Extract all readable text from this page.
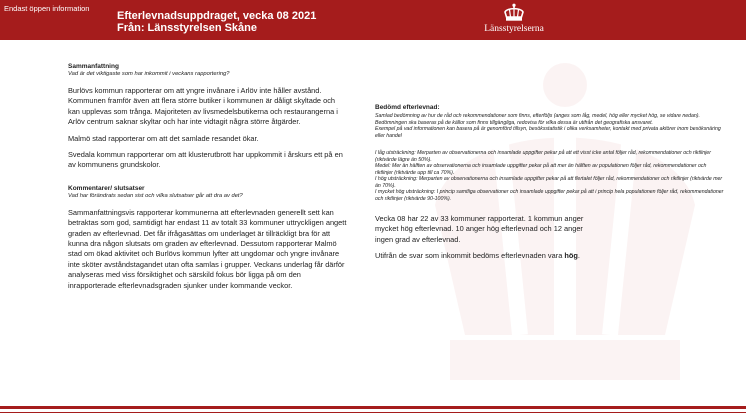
Endast öppen information
Efterlevnadsuppdraget, vecka 08 2021
Från: Länsstyrelsen Skåne	Länsstyrelserna
Sammanfattning
Vad är det viktigaste som har inkommit i veckans rapportering?
Burlövs kommun rapporterar om att yngre invånare i Arlöv inte håller avstånd. Kommunen framför även att flera större butiker i kommunen är dåligt skyltade och kan upplevas som trånga. Majoriteten av livsmedelsbutikerna och restaurangerna i Arlöv centrum saknar skyltar och har inte vidtagit några större åtgärder.
Malmö stad rapporterar om att det samlade resandet ökar.
Svedala kommun rapporterar om att klusterutbrott har uppkommit i årskurs ett på en av kommunens grundskolor.
Kommentarer/ slutsatser
Vad har förändrats sedan sist och vilka slutsatser går att dra av det?
Sammanfattningsvis rapporterar kommunerna att efterlevnaden generellt sett kan betraktas som god, samtidigt har endast 11 av totalt 33 kommuner uttryckligen angett graden av efterlevnad. Det får ifrågasättas om underlaget är tillräckligt bra för att kunna dra någon slutsats om graden av efterlevnad. Dessutom rapporterar Malmö stad om ökad aktivitet och Burlövs kommun lyfter att ungdomar och yngre invånare inte sköter avståndstagandet utan ofta samlas i grupper. Veckans underlag får därför analyseras med viss försiktighet och särskild fokus bör ligga på om den inrapporterade efterlevnadsgraden sjunker under kommande veckor.
Bedömd efterlevnad:
Samlad bedömning av hur de råd och rekommendationer som finns, efterföljs (anges som låg, medel, hög eller mycket hög, se vidare nedan).
Bedömningen ska baseras på de källor som finns tillgängliga, redovisa för vilka dessa är utifrån det geografiska ansvaret.
Exempel på vad informationen kan basera på är genomförd tillsyn, besöksstatistik i olika verksamheter, kontakt med privata aktörer inom besöksnäring eller handel
I låg utsträckning: Merparten av observationerna och insamlade uppgifter pekar på att ett visst icke antal följer råd, rekommendationer och riktlinjer (riktvärde lägre än 50%).
Medel: Mer än hälften av observationerna och insamlade uppgifter pekar på att mer än hälften av populationen följer råd, rekommendationer och riktlinjer (riktvärde upp till ca 70%).
I hög utsträckning: Merparten av observationerna och insamlade uppgifter pekar på att flertalet följer råd, rekommendationer och riktlinjer (riktvärde mer än 70%).
I mycket hög utsträckning: I princip samtliga observationer och insamlade uppgifter pekar på att i princip hela populationen följer råd, rekommendationer och riktlinjer (riktvärde 90-100%).
Vecka 08 har 22 av 33 kommuner rapporterat. 1 kommun anger mycket hög efterlevnad. 10 anger hög efterlevnad och 12 anger ingen grad av efterlevnad.
Utifrån de svar som inkommit bedöms efterlevnaden vara hög.
